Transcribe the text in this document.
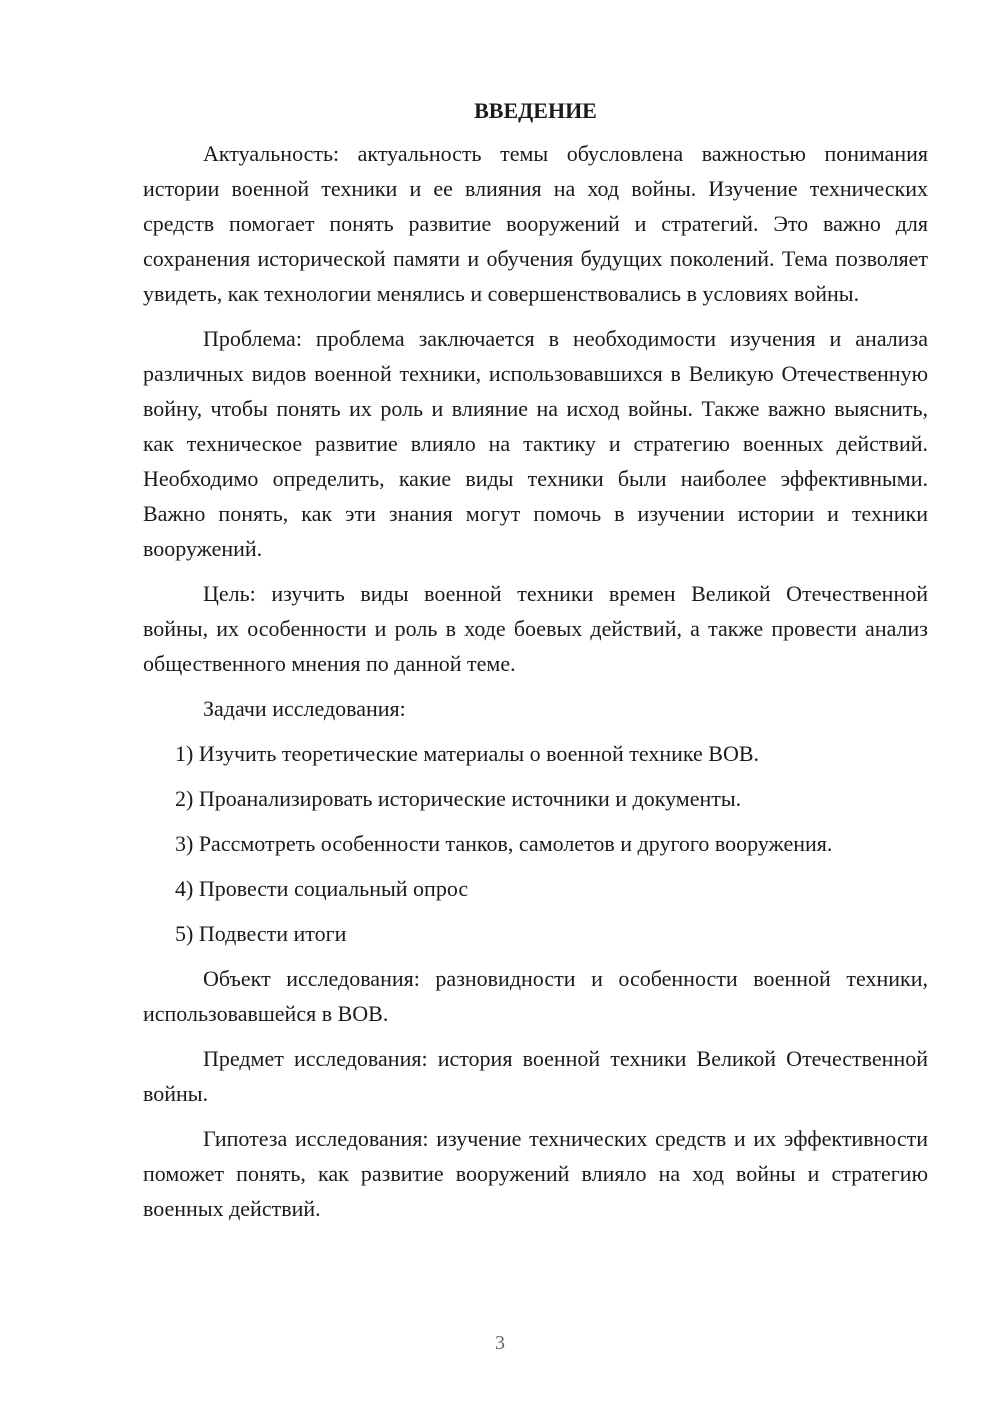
ВВЕДЕНИЕ

Актуальность: актуальность темы обусловлена важностью понимания истории военной техники и ее влияния на ход войны. Изучение технических средств помогает понять развитие вооружений и стратегий. Это важно для сохранения исторической памяти и обучения будущих поколений. Тема позволяет увидеть, как технологии менялись и совершенствовались в условиях войны.

Проблема: проблема заключается в необходимости изучения и анализа различных видов военной техники, использовавшихся в Великую Отечественную войну, чтобы понять их роль и влияние на исход войны. Также важно выяснить, как техническое развитие влияло на тактику и стратегию военных действий. Необходимо определить, какие виды техники были наиболее эффективными. Важно понять, как эти знания могут помочь в изучении истории и техники вооружений.

Цель: изучить виды военной техники времен Великой Отечественной войны, их особенности и роль в ходе боевых действий, а также провести анализ общественного мнения по данной теме.

Задачи исследования:

1) Изучить теоретические материалы о военной технике ВОВ.
2) Проанализировать исторические источники и документы.
3) Рассмотреть особенности танков, самолетов и другого вооружения.
4) Провести социальный опрос
5) Подвести итоги

Объект исследования: разновидности и особенности военной техники, использовавшейся в ВОВ.

Предмет исследования: история военной техники Великой Отечественной войны.

Гипотеза исследования: изучение технических средств и их эффективности поможет понять, как развитие вооружений влияло на ход войны и стратегию военных действий.

3
